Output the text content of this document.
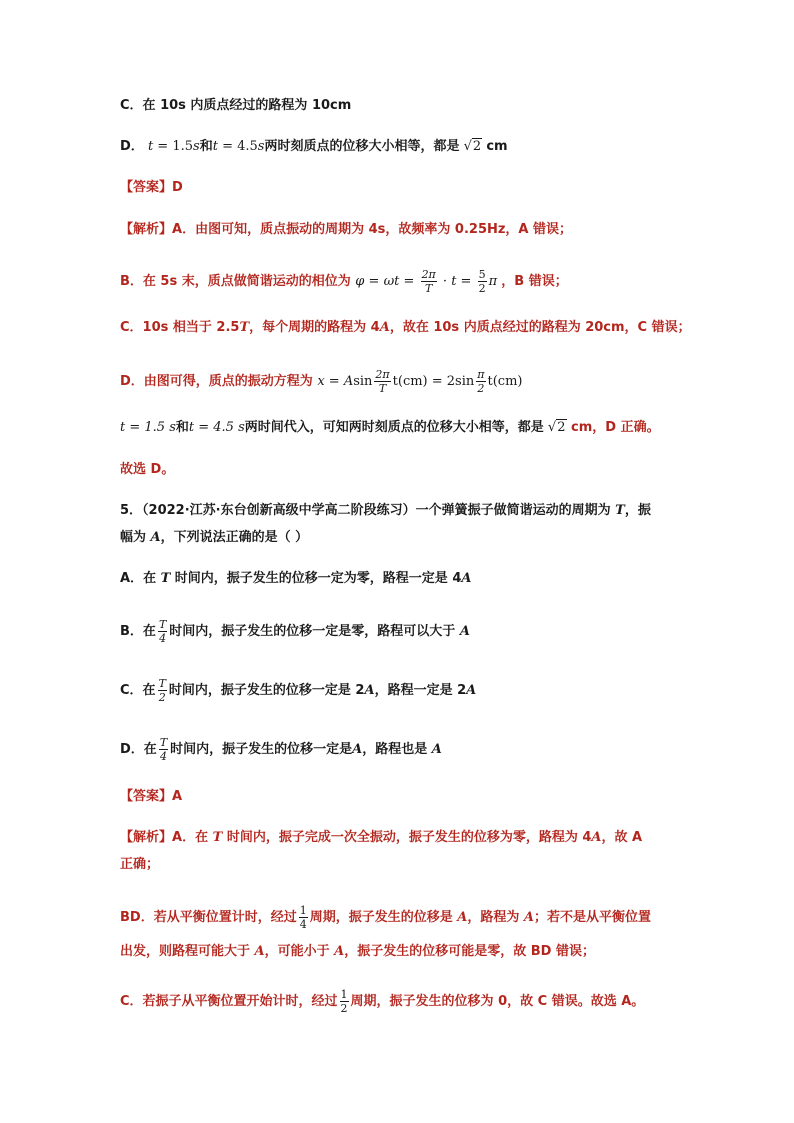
C．在 10s 内质点经过的路程为 10cm
D． t = 1.5s和t = 4.5s两时刻质点的位移大小相等，都是 √2 cm
【答案】D
【解析】A．由图可知，质点振动的周期为 4s，故频率为 0.25Hz，A 错误；
B．在 5s 末，质点做简谐运动的相位为 $\varphi = \omega t = \frac{2\pi}{T} \cdot t = \frac{5}{2}$ π ，B 错误；
C．10s 相当于 2.5T，每个周期的路程为 4A，故在 10s 内质点经过的路程为 20cm，C 错误；
D．由图可得，质点的振动方程为 x = Asin $\frac{2\pi}{T} t(cm) = 2\sin \frac{\pi}{2} t(cm)$
t = 1.5 s和t = 4.5 s两时间代入，可知两时刻质点的位移大小相等，都是 √2 cm，D 正确。
故选 D。
5．（2022·江苏·东台创新高级中学高二阶段练习）一个弹簧振子做简谐运动的周期为 T，振
幅为 A，下列说法正确的是（ ）
A．在 T 时间内，振子发生的位移一定为零，路程一定是 4A
B．在 $\frac{T}{4}$ 时间内，振子发生的位移一定是零，路程可以大于 A
C．在 $\frac{T}{2}$ 时间内，振子发生的位移一定是 2A，路程一定是 2A
D．在 $\frac{T}{4}$ 时间内，振子发生的位移一定是A，路程也是 A
【答案】A
【解析】A．在 T 时间内，振子完成一次全振动，振子发生的位移为零，路程为 4A，故 A
正确；
BD．若从平衡位置计时，经过 $\frac{1}{4}$ 周期，振子发生的位移是 A，路程为 A；若不是从平衡位置
出发，则路程可能大于 A，可能小于 A，振子发生的位移可能是零，故 BD 错误；
C．若振子从平衡位置开始计时，经过 $\frac{1}{2}$ 周期，振子发生的位移为 0，故 C 错误。故选 A。
